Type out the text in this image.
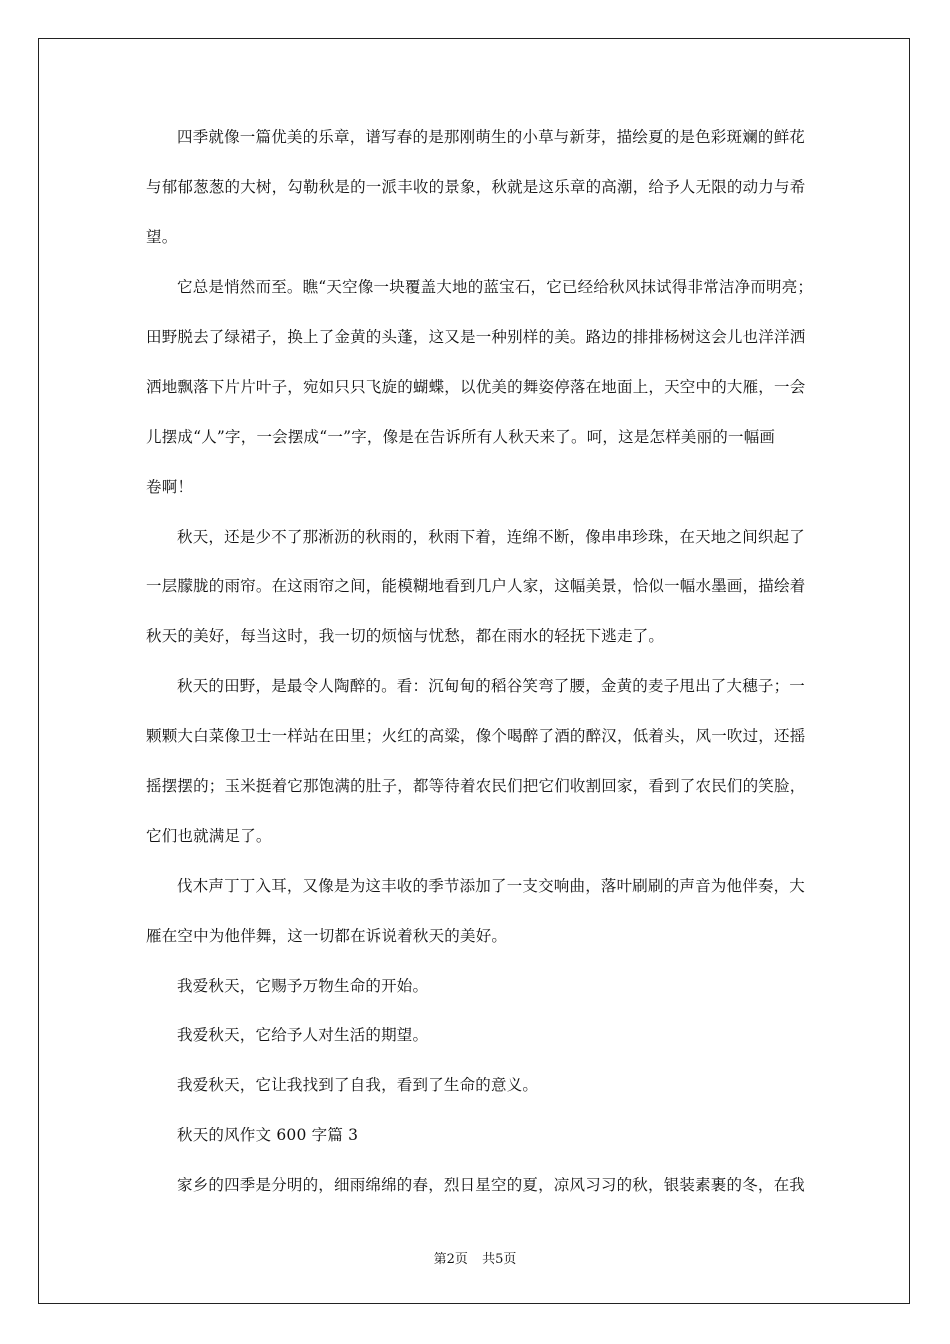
四季就像一篇优美的乐章，谱写春的是那刚萌生的小草与新芽，描绘夏的是色彩斑斓的鲜花
与郁郁葱葱的大树，勾勒秋是的一派丰收的景象，秋就是这乐章的高潮，给予人无限的动力与希
望。
它总是悄然而至。瞧“天空像一块覆盖大地的蓝宝石，它已经给秋风抹试得非常洁净而明亮；
田野脱去了绿裙子，换上了金黄的头蓬，这又是一种别样的美。路边的排排杨树这会儿也洋洋洒
洒地飘落下片片叶子，宛如只只飞旋的蝴蝶，以优美的舞姿停落在地面上，天空中的大雁，一会
儿摆成“人”字，一会摆成“一”字，像是在告诉所有人秋天来了。呵，这是怎样美丽的一幅画
卷啊！
秋天，还是少不了那淅沥的秋雨的，秋雨下着，连绵不断，像串串珍珠，在天地之间织起了
一层朦胧的雨帘。在这雨帘之间，能模糊地看到几户人家，这幅美景，恰似一幅水墨画，描绘着
秋天的美好，每当这时，我一切的烦恼与忧愁，都在雨水的轻抚下逃走了。
秋天的田野，是最令人陶醉的。看：沉甸甸的稻谷笑弯了腰，金黄的麦子甩出了大穗子；一
颗颗大白菜像卫士一样站在田里；火红的高粱，像个喝醉了酒的醉汉，低着头，风一吹过，还摇
摇摆摆的；玉米挺着它那饱满的肚子，都等待着农民们把它们收割回家，看到了农民们的笑脸，
它们也就满足了。
伐木声丁丁入耳，又像是为这丰收的季节添加了一支交响曲，落叶刷刷的声音为他伴奏，大
雁在空中为他伴舞，这一切都在诉说着秋天的美好。
我爱秋天，它赐予万物生命的开始。
我爱秋天，它给予人对生活的期望。
我爱秋天，它让我找到了自我，看到了生命的意义。
秋天的风作文 600 字篇 3
家乡的四季是分明的，细雨绵绵的春，烈日星空的夏，凉风习习的秋，银装素裹的冬，在我
第2页 共5页
